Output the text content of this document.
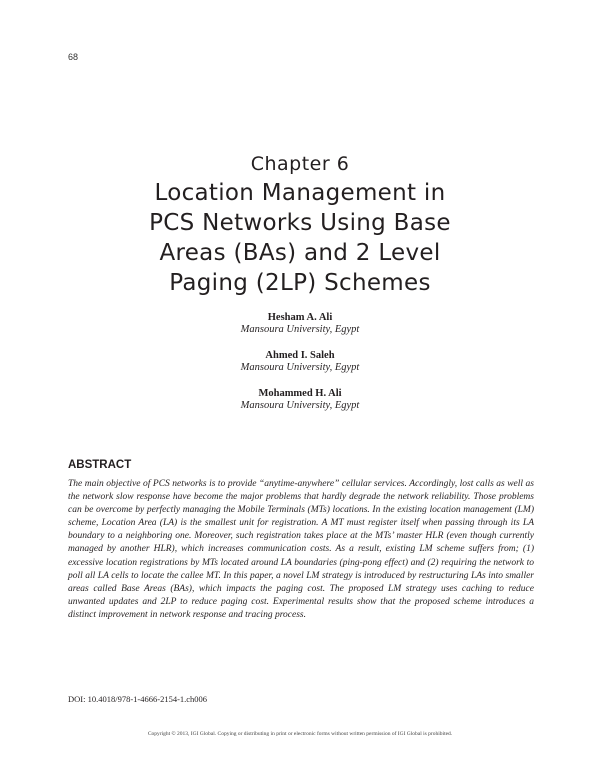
68
Chapter 6
Location Management in
PCS Networks Using Base
Areas (BAs) and 2 Level
Paging (2LP) Schemes
Hesham A. Ali
Mansoura University, Egypt
Ahmed I. Saleh
Mansoura University, Egypt
Mohammed H. Ali
Mansoura University, Egypt
ABSTRACT
The main objective of PCS networks is to provide “anytime-anywhere” cellular services. Accordingly, lost calls as well as the network slow response have become the major problems that hardly degrade the network reliability. Those problems can be overcome by perfectly managing the Mobile Terminals (MTs) locations. In the existing location management (LM) scheme, Location Area (LA) is the smallest unit for registration. A MT must register itself when passing through its LA boundary to a neighboring one. Moreover, such registration takes place at the MTs’ master HLR (even though currently managed by another HLR), which increases communication costs. As a result, existing LM scheme suffers from; (1) excessive location registrations by MTs located around LA boundaries (ping-pong effect) and (2) requiring the network to poll all LA cells to locate the callee MT. In this paper, a novel LM strategy is introduced by restructuring LAs into smaller areas called Base Areas (BAs), which impacts the paging cost. The proposed LM strategy uses caching to reduce unwanted updates and 2LP to reduce paging cost. Experimental results show that the proposed scheme introduces a distinct improvement in network response and tracing process.
DOI: 10.4018/978-1-4666-2154-1.ch006
Copyright © 2013, IGI Global. Copying or distributing in print or electronic forms without written permission of IGI Global is prohibited.
